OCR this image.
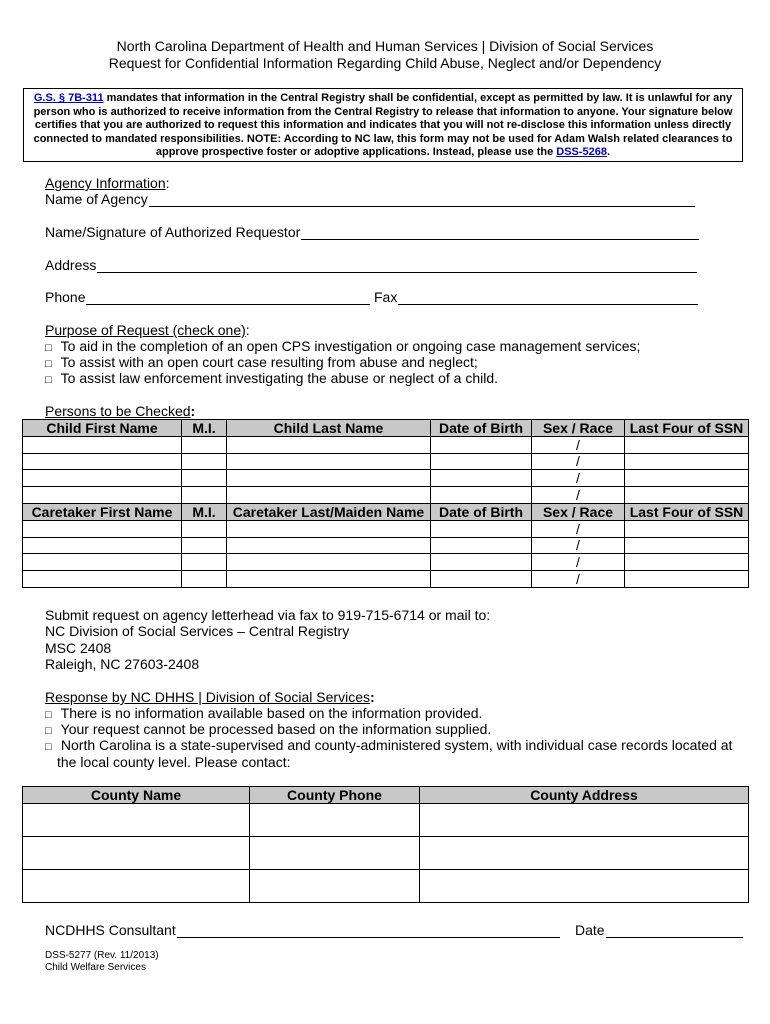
North Carolina Department of Health and Human Services | Division of Social Services
Request for Confidential Information Regarding Child Abuse, Neglect and/or Dependency
G.S. § 7B-311 mandates that information in the Central Registry shall be confidential, except as permitted by law. It is unlawful for any person who is authorized to receive information from the Central Registry to release that information to anyone. Your signature below certifies that you are authorized to request this information and indicates that you will not re-disclose this information unless directly connected to mandated responsibilities. NOTE: According to NC law, this form may not be used for Adam Walsh related clearances to approve prospective foster or adoptive applications. Instead, please use the DSS-5268.
Agency Information:
Name of Agency
Name/Signature of Authorized Requestor
Address
Phone	Fax
Purpose of Request (check one):
□ To aid in the completion of an open CPS investigation or ongoing case management services;
□ To assist with an open court case resulting from abuse and neglect;
□ To assist law enforcement investigating the abuse or neglect of a child.
Persons to be Checked:
Child First Name	M.I.	Child Last Name	Date of Birth	Sex / Race	Last Four of SSN
				/	
				/	
				/	
				/	
Caretaker First Name	M.I.	Caretaker Last/Maiden Name	Date of Birth	Sex / Race	Last Four of SSN
				/	
				/	
				/	
				/	
Submit request on agency letterhead via fax to 919-715-6714 or mail to:
NC Division of Social Services – Central Registry
MSC 2408
Raleigh, NC 27603-2408
Response by NC DHHS | Division of Social Services:
□ There is no information available based on the information provided.
□ Your request cannot be processed based on the information supplied.
□ North Carolina is a state-supervised and county-administered system, with individual case records located at
the local county level. Please contact:
County Name	County Phone	County Address

NCDHHS Consultant	Date
DSS-5277 (Rev. 11/2013)
Child Welfare Services
